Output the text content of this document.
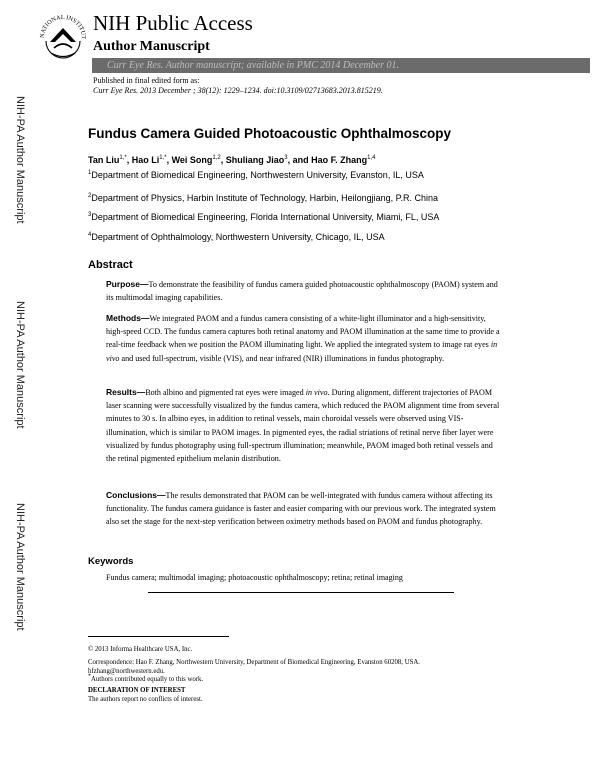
NATIONAL INSTITUT
NIH Public Access
Author Manuscript
Curr Eye Res. Author manuscript; available in PMC 2014 December 01.
Published in final edited form as:
Curr Eye Res. 2013 December ; 38(12): 1229–1234. doi:10.3109/02713683.2013.815219.
NIH-PA Author Manuscript
NIH-PA Author Manuscript
NIH-PA Author Manuscript
Fundus Camera Guided Photoacoustic Ophthalmoscopy
Tan Liu$^{1,*}$, Hao $Li^{1,*}$, Wei Song$^{1,2}$, Shuliang Jiao$^3$, and Hao F. Zhang$^{1,4}$
$^1$Department of Biomedical Engineering, Northwestern University, Evanston, IL, USA
$^2$Department of Physics, Harbin Institute of Technology, Harbin, Heilongjiang, P.R. China
$^3$Department of Biomedical Engineering, Florida International University, Miami, FL, USA
$^4$Department of Ophthalmology, Northwestern University, Chicago, IL, USA
Abstract
Purpose—To demonstrate the feasibility of fundus camera guided photoacoustic ophthalmoscopy (PAOM) system and its multimodal imaging capabilities.
Methods—We integrated PAOM and a fundus camera consisting of a white-light illuminator and a high-sensitivity, high-speed CCD. The fundus camera captures both retinal anatomy and PAOM illumination at the same time to provide a real-time feedback when we position the PAOM illuminating light. We applied the integrated system to image rat eyes in vivo and used full-spectrum, visible (VIS), and near infrared (NIR) illuminations in fundus photography.
Results—Both albino and pigmented rat eyes were imaged in vivo. During alignment, different trajectories of PAOM laser scanning were successfully visualized by the fundus camera, which reduced the PAOM alignment time from several minutes to 30 s. In albino eyes, in addition to retinal vessels, main choroidal vessels were observed using VIS-illumination, which is similar to PAOM images. In pigmented eyes, the radial striations of retinal nerve fiber layer were visualized by fundus photography using full-spectrum illumination; meanwhile, PAOM imaged both retinal vessels and the retinal pigmented epithelium melanin distribution.
Conclusions—The results demonstrated that PAOM can be well-integrated with fundus camera without affecting its functionality. The fundus camera guidance is faster and easier comparing with our previous work. The integrated system also set the stage for the next-step verification between oximetry methods based on PAOM and fundus photography.
Keywords
Fundus camera; multimodal imaging; photoacoustic ophthalmoscopy; retina; retinal imaging
© 2013 Informa Healthcare USA, Inc.
Correspondence: Hao F. Zhang, Northwestern University, Department of Biomedical Engineering, Evanston 60208, USA.
hfzhang@northwestern.edu.
*Authors contributed equally to this work.
DECLARATION OF INTEREST
The authors report no conflicts of interest.
